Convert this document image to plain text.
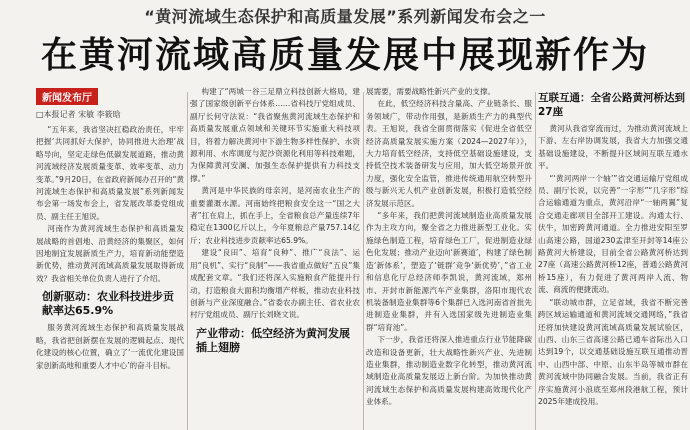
“黄河流域生态保护和高质量发展”系列新闻发布会之一
在黄河流域高质量发展中展现新作为
新闻发布厅
□本报记者 宋敏 李筱晗

“五年来，我省坚决扛稳政治责任，牢牢把握‘共同抓好大保护，协同推进大治理’战略导向，坚定走绿色低碳发展道路，推动黄河流域经济发展质量变革、效率变革、动力变革。”9月20日，在省政府新闻办召开的“黄河流域生态保护和高质量发展”系列新闻发布会第一场发布会上，省发展改革委党组成员、副主任王旭说。

河南作为黄河流域生态保护和高质量发展战略的首倡地、沿黄经济的集聚区，如何因地制宜发展新质生产力，培育新动能塑造新优势，推动黄河流域高质量发展取得新成效？我省相关单位负责人进行了介绍。

创新驱动：农业科技进步贡献率达65.9%

服务黄河流域生态保护和高质量发展战略，我省把创新摆在发展的逻辑起点、现代化建设的核心位置，确立了‘一流优化建设国家创新高地和重要人才中心’的奋斗目标。

构建了“两城一谷三足鼎立科技创新大格局，建强了国家级创新平台体系……省科技厅党组成员、副厅长何守法说：“我省聚焦黄河流域生态保护和高质量发展重点领域和关键环节实施重大科技项目，将着力解决黄河中下游生物多样性保护、水资源利用、水库调度与泥沙资源化利用等科技难题，为保障黄河安澜、加强生态保护提供有力科技支撑。”

黄河是中华民族的母亲河，是河南农业生产的重要灌溉水源。河南始终把粮食安全这一“国之大者”扛在肩上，抓在手上，全省粮食总产量连续7年稳定在1300亿斤以上，今年夏粮总产量757.14亿斤；农业科技进步贡献率达65.9%。

建设“良田”、培育“良种”、推广“良法”、运用“良机”、实行“良制”——我省重点做好“五良”集成配套文章。“我们还将深入实施粮食产能提升行动，打造粮食大面积均衡增产样板，推动农业科技创新与产业深度融合。”省委农办副主任、省农业农村厅党组成员、副厅长刘晓文说。

产业带动：低空经济为黄河发展插上翅膀

展需要，需要战略性新兴产业的支撑。

在此，低空经济科技含量高、产业链条长、服务领域广，带动作用强，是新质生产力的典型代表。王旭说，我省全面贯彻落实《促进全省低空经济高质量发展实施方案（2024—2027年）》，大力培育低空经济，支持低空基础设施建设，支持低空技术装备研发与应用，加大低空场景开放力度，强化安全监管，推进传统通用航空转型升级与新兴无人机产业创新发展，积极打造低空经济发展示范区。

“多年来，我们把黄河流域制造业高质量发展作为主攻方向，聚全省之力推进新型工业化。实施绿色制造工程，培育绿色工厂，促进制造业绿色化发展；推动产业迈向‘新赛道’，构建了绿色制造‘新体系’，塑造了‘链群’竞争‘新优势’，”省工业和信息化厅总经济师李凯说，黄河流域，郑州市、开封市新能源汽车产业集群，洛阳市现代农机装备制造业集群等6个集群已入选河南省首批先进制造业集群，并有入选国家级先进制造业集群“培育池”。

下一步，我省还将深入推进重点行业节能降碳改造和设备更新，壮大战略性新兴产业、先进制造业集群，推动制造业数字化转型，推动黄河流域制造业高质量发展迈上新台阶。为加快推动黄河流域生态保护和高质量发展构建高效现代化产业体系。

互联互通：全省公路黄河桥达到27座

黄河从我省穿流而过，为推动黄河流域上下游、左右岸协调发展，我省大力加强交通基础设施建设，不断提升区域间互联互通水平。

“‘黄河两岸一个轴’”省交通运输厅党组成员、副厅长说，以完善“一字形”“几字形”综合运输通道为重点，黄河沿岸“一轴两翼”复合交通走廊项目全部开工建设。沟通太行、伏牛，加密跨黄河通道。全力推进安阳至罗山高速公路，国道230孟津至开封等14座公路黄河大桥建设，目前全省公路黄河桥达到27座（高速公路黄河桥12座，普通公路黄河桥15座），有力促进了黄河两岸人流、物流、商流的便捷流动。

“联动城市群，立足省域，我省不断完善跨区域运输通道和黄河流域交通网络，”我省还将加快建设黄河流域高质量发展试验区，山西、山东三省高速公路已通车省际出入口达到19个，以交通基础设施互联互通推动晋中、山西中部、中原、山东半岛等城市群在黄河流域中协同融合发展。当前，我省正有序实施黄河小浪底至郑州段港航工程，预计2025年建成投用。
